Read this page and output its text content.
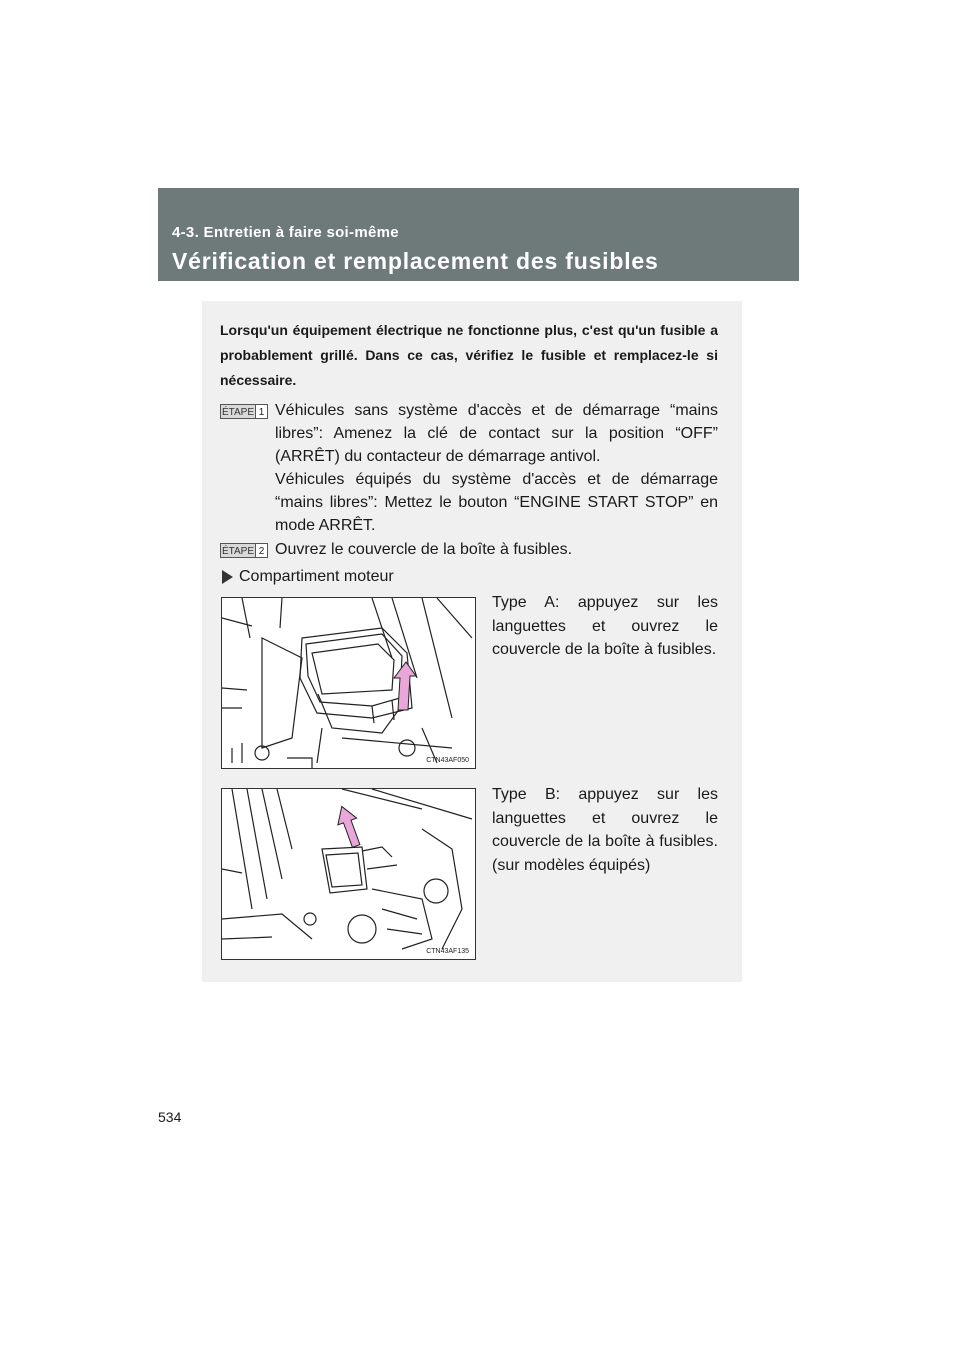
4-3. Entretien à faire soi-même
Vérification et remplacement des fusibles
Lorsqu'un équipement électrique ne fonctionne plus, c'est qu'un fusible a probablement grillé. Dans ce cas, vérifiez le fusible et remplacez-le si nécessaire.
ÉTAPE 1 Véhicules sans système d'accès et de démarrage “mains libres”: Amenez la clé de contact sur la position “OFF” (ARRÊT) du contacteur de démarrage antivol.
Véhicules équipés du système d'accès et de démarrage “mains libres”: Mettez le bouton “ENGINE START STOP” en mode ARRÊT.
ÉTAPE 2 Ouvrez le couvercle de la boîte à fusibles.
Compartiment moteur
CTN43AF050
Type A: appuyez sur les languettes et ouvrez le couvercle de la boîte à fusibles.
CTN43AF135
Type B: appuyez sur les languettes et ouvrez le couvercle de la boîte à fusibles. (sur modèles équipés)
534
